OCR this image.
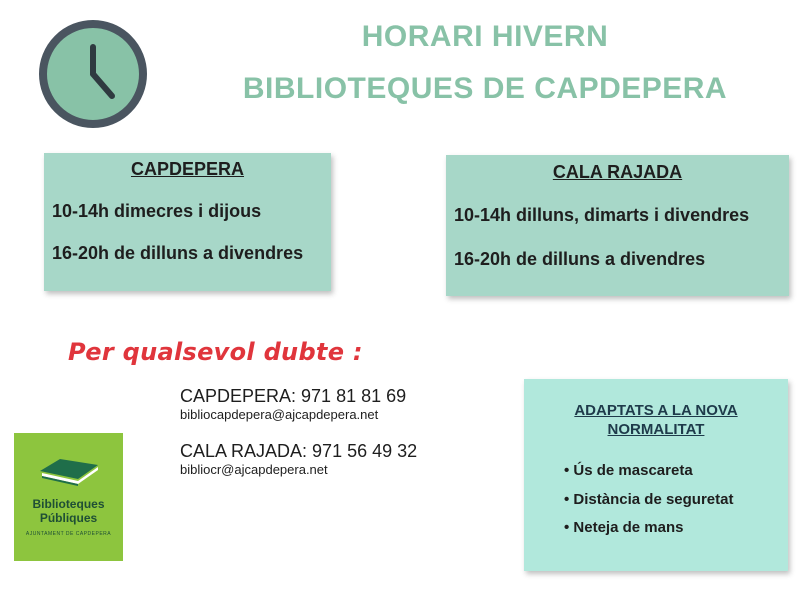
HORARI HIVERN
BIBLIOTEQUES DE CAPDEPERA
CAPDEPERA
10-14h dimecres i dijous
16-20h de dilluns a divendres
CALA RAJADA
10-14h dilluns, dimarts i divendres
16-20h de dilluns a divendres
Per qualsevol dubte :
CAPDEPERA: 971 81 81 69
bibliocapdepera@ajcapdepera.net
CALA RAJADA: 971 56 49 32
bibliocr@ajcapdepera.net
Biblioteques
Públiques
AJUNTAMENT DE CAPDEPERA
ADAPTATS A LA NOVA
NORMALITAT
• Ús de mascareta
• Distància de seguretat
• Neteja de mans
